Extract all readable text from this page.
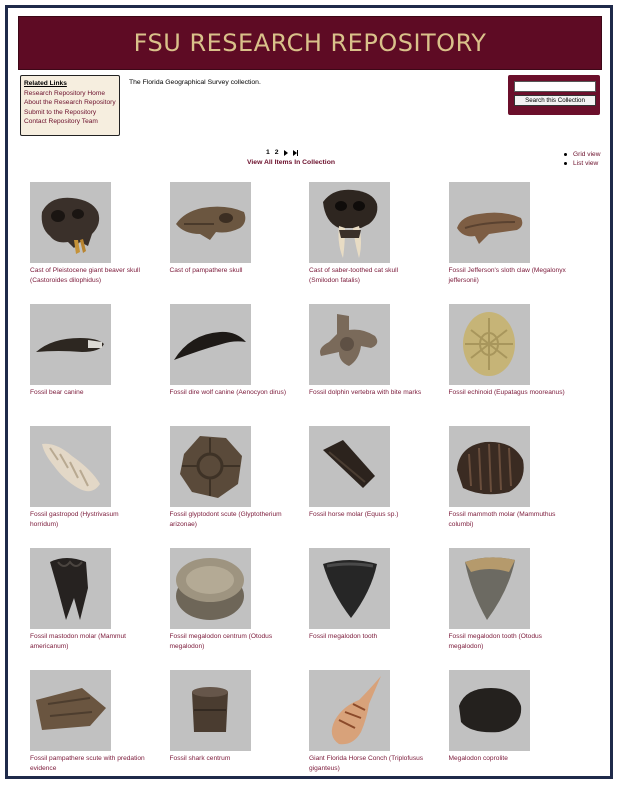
FSU RESEARCH REPOSITORY
Related Links
Research Repository Home
About the Research Repository
Submit to the Repository
Contact Repository Team
The Florida Geographical Survey collection.
Search this Collection
1 2
View All Items In Collection
Grid view
List view
Cast of Pleistocene giant beaver skull (Castoroides dilophidus)
Cast of pampathere skull	Cast of saber-toothed cat skull (Smilodon fatalis)
Fossil Jefferson's sloth claw (Megalonyx jeffersonii)
Fossil bear canine	Fossil dire wolf canine (Aenocyon dirus)	Fossil dolphin vertebra with bite marks	Fossil echinoid (Eupatagus mooreanus)
Fossil gastropod (Hystrivasum horridum)
Fossil glyptodont scute (Glyptotherium arizonae)
Fossil horse molar (Equus sp.)	Fossil mammoth molar (Mammuthus columbi)
Fossil mastodon molar (Mammut americanum)
Fossil megalodon centrum (Otodus megalodon)
Fossil megalodon tooth	Fossil megalodon tooth (Otodus megalodon)
Fossil pampathere scute with predation evidence
Fossil shark centrum	Giant Florida Horse Conch (Triplofusus giganteus)
Megalodon coprolite
